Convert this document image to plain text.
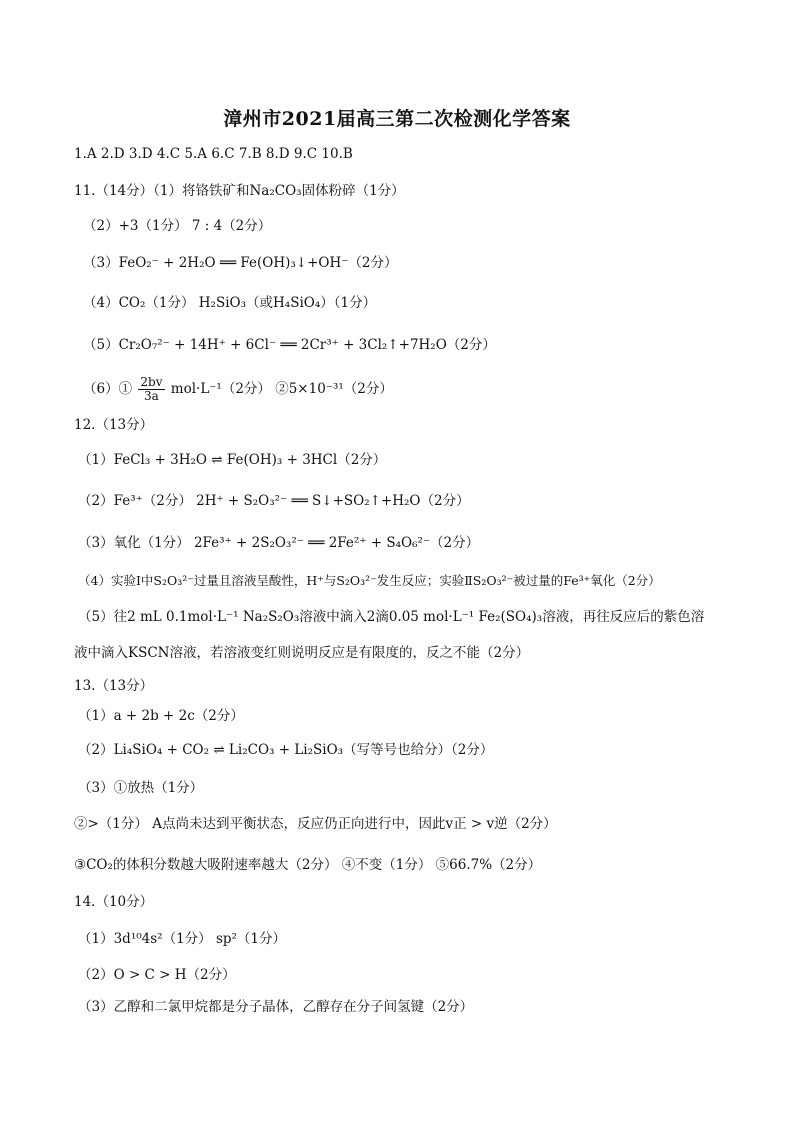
漳州市2021届高三第二次检测化学答案
1.A 2.D 3.D 4.C 5.A 6.C 7.B 8.D 9.C 10.B
11.（14分）（1）将铬铁矿和Na₂CO₃固体粉碎（1分）
（2）+3（1分） 7 : 4（2分）
（3）FeO₂⁻ + 2H₂O ══ Fe(OH)₃↓+OH⁻（2分）
（4）CO₂（1分） H₂SiO₃（或H₄SiO₄）（1分）
（5）Cr₂O₇²⁻ + 14H⁺ + 6Cl⁻ ══ 2Cr³⁺ + 3Cl₂↑+7H₂O（2分）
（6）① $\frac{2bv}{3a} mol\cdot L^{-1}(2$分） ②5×10⁻³¹（2分）
12.（13分）
（1）FeCl₃ + 3H₂O ⇌ Fe(OH)₃ + 3HCl（2分）
（2）Fe³⁺（2分） 2H⁺ + S₂O₃²⁻ ══ S↓+SO₂↑+H₂O（2分）
（3）氧化（1分） 2Fe³⁺ + 2S₂O₃²⁻ ══ 2Fe²⁺ + S₄O₆²⁻（2分）
（4）实验Ⅰ中S₂O₃²⁻过量且溶液呈酸性，H⁺与S₂O₃²⁻发生反应；实验ⅡS₂O₃²⁻被过量的Fe³⁺氧化（2分）
（5）往2 mL 0.1mol·L⁻¹ Na₂S₂O₃溶液中滴入2滴0.05 mol·L⁻¹ Fe₂(SO₄)₃溶液，再往反应后的紫色溶
液中滴入KSCN溶液，若溶液变红则说明反应是有限度的，反之不能（2分）
13.（13分）
（1）a + 2b + 2c（2分）
（2）Li₄SiO₄ + CO₂ ⇌ Li₂CO₃ + Li₂SiO₃（写等号也给分）（2分）
（3）①放热（1分）
②>（1分） A点尚未达到平衡状态，反应仍正向进行中，因此v正 > v逆（2分）
③CO₂的体积分数越大吸附速率越大（2分） ④不变（1分） ⑤66.7%（2分）
14.（10分）
（1）3d¹⁰4s²（1分） sp²（1分）
（2）O > C > H（2分）
（3）乙醇和二氯甲烷都是分子晶体，乙醇存在分子间氢键（2分）
